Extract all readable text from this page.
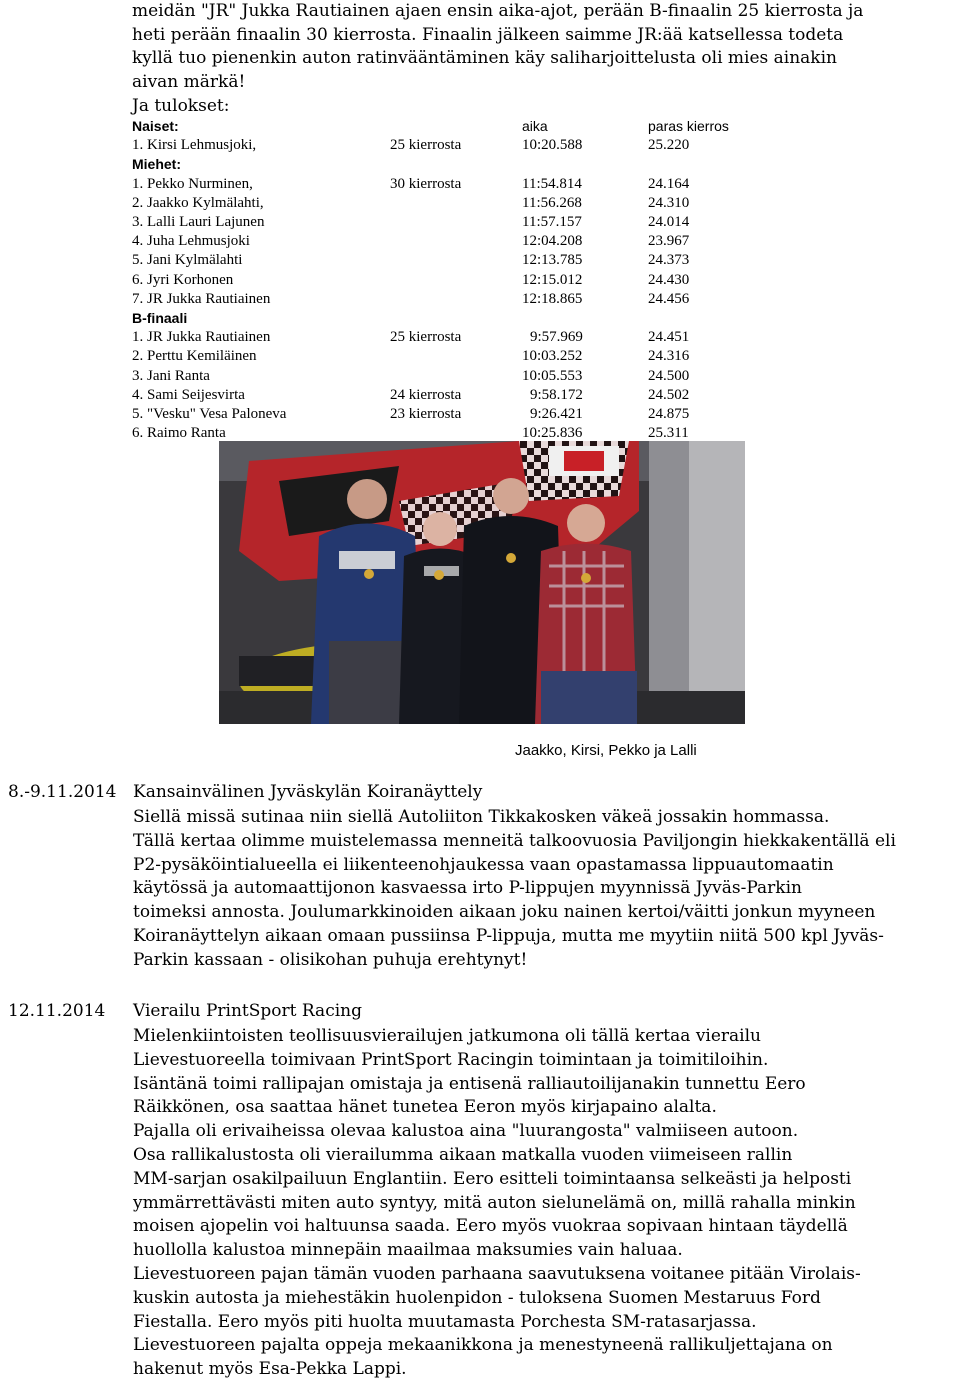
meidän "JR" Jukka Rautiainen ajaen ensin aika-ajot, perään B-finaalin 25 kierrosta ja
heti perään finaalin 30 kierrosta. Finaalin jälkeen saimme JR:ää katsellessa todeta
kyllä tuo pienenkin auton ratinvääntäminen käy saliharjoittelusta oli mies ainakin
aivan märkä!
Ja tulokset:
Naiset:		aika	paras kierros
1. Kirsi Lehmusjoki,	25 kierrosta	10:20.588	25.220
Miehet:			
1. Pekko Nurminen,	30 kierrosta	11:54.814	24.164
2. Jaakko Kylmälahti,		11:56.268	24.310
3. Lalli Lauri Lajunen		11:57.157	24.014
4. Juha Lehmusjoki		12:04.208	23.967
5. Jani Kylmälahti		12:13.785	24.373
6. Jyri Korhonen		12:15.012	24.430
7. JR Jukka Rautiainen		12:18.865	24.456
B-finaali			
1. JR Jukka Rautiainen	25 kierrosta	9:57.969	24.451
2. Perttu Kemiläinen		10:03.252	24.316
3. Jani Ranta		10:05.553	24.500
4. Sami Seijesvirta	24 kierrosta	9:58.172	24.502
5. "Vesku" Vesa Paloneva	23 kierrosta	9:26.421	24.875
6. Raimo Ranta		10:25.836	25.311
Jaakko, Kirsi, Pekko ja Lalli
8.-9.11.2014 Kansainvälinen Jyväskylän Koiranäyttely
Siellä missä sutinaa niin siellä Autoliiton Tikkakosken väkeä jossakin hommassa.
Tällä kertaa olimme muistelemassa menneitä talkoovuosia Paviljongin hiekkakentällä eli
P2-pysäköintialueella ei liikenteenohjaukessa vaan opastamassa lippuautomaatin
käytössä ja automaattijonon kasvaessa irto P-lippujen myynnissä Jyväs-Parkin
toimeksi annosta. Joulumarkkinoiden aikaan joku nainen kertoi/väitti jonkun myyneen
Koiranäyttelyn aikaan omaan pussiinsa P-lippuja, mutta me myytiin niitä 500 kpl Jyväs-
Parkin kassaan - olisikohan puhuja erehtynyt!
12.11.2014 Vierailu PrintSport Racing
Mielenkiintoisten teollisuusvierailujen jatkumona oli tällä kertaa vierailu
Lievestuoreella toimivaan PrintSport Racingin toimintaan ja toimitiloihin.
Isäntänä toimi rallipajan omistaja ja entisenä ralliautoilijanakin tunnettu Eero
Räikkönen, osa saattaa hänet tunetea Eeron myös kirjapaino alalta.
Pajalla oli erivaiheissa olevaa kalustoa aina "luurangosta" valmiiseen autoon.
Osa rallikalustosta oli vierailumma aikaan matkalla vuoden viimeiseen rallin
MM-sarjan osakilpailuun Englantiin. Eero esitteli toimintaansa selkeästi ja helposti
ymmärrettävästi miten auto syntyy, mitä auton sielunelämä on, millä rahalla minkin
moisen ajopelin voi haltuunsa saada. Eero myös vuokraa sopivaan hintaan täydellä
huollolla kalustoa minnepäin maailmaa maksumies vain haluaa.
Lievestuoreen pajan tämän vuoden parhaana saavutuksena voitanee pitään Virolais-
kuskin autosta ja miehestäkin huolenpidon - tuloksena Suomen Mestaruus Ford
Fiestalla. Eero myös piti huolta muutamasta Porchesta SM-ratasarjassa.
Lievestuoreen pajalta oppeja mekaanikkona ja menestyneenä rallikuljettajana on
hakenut myös Esa-Pekka Lappi.
